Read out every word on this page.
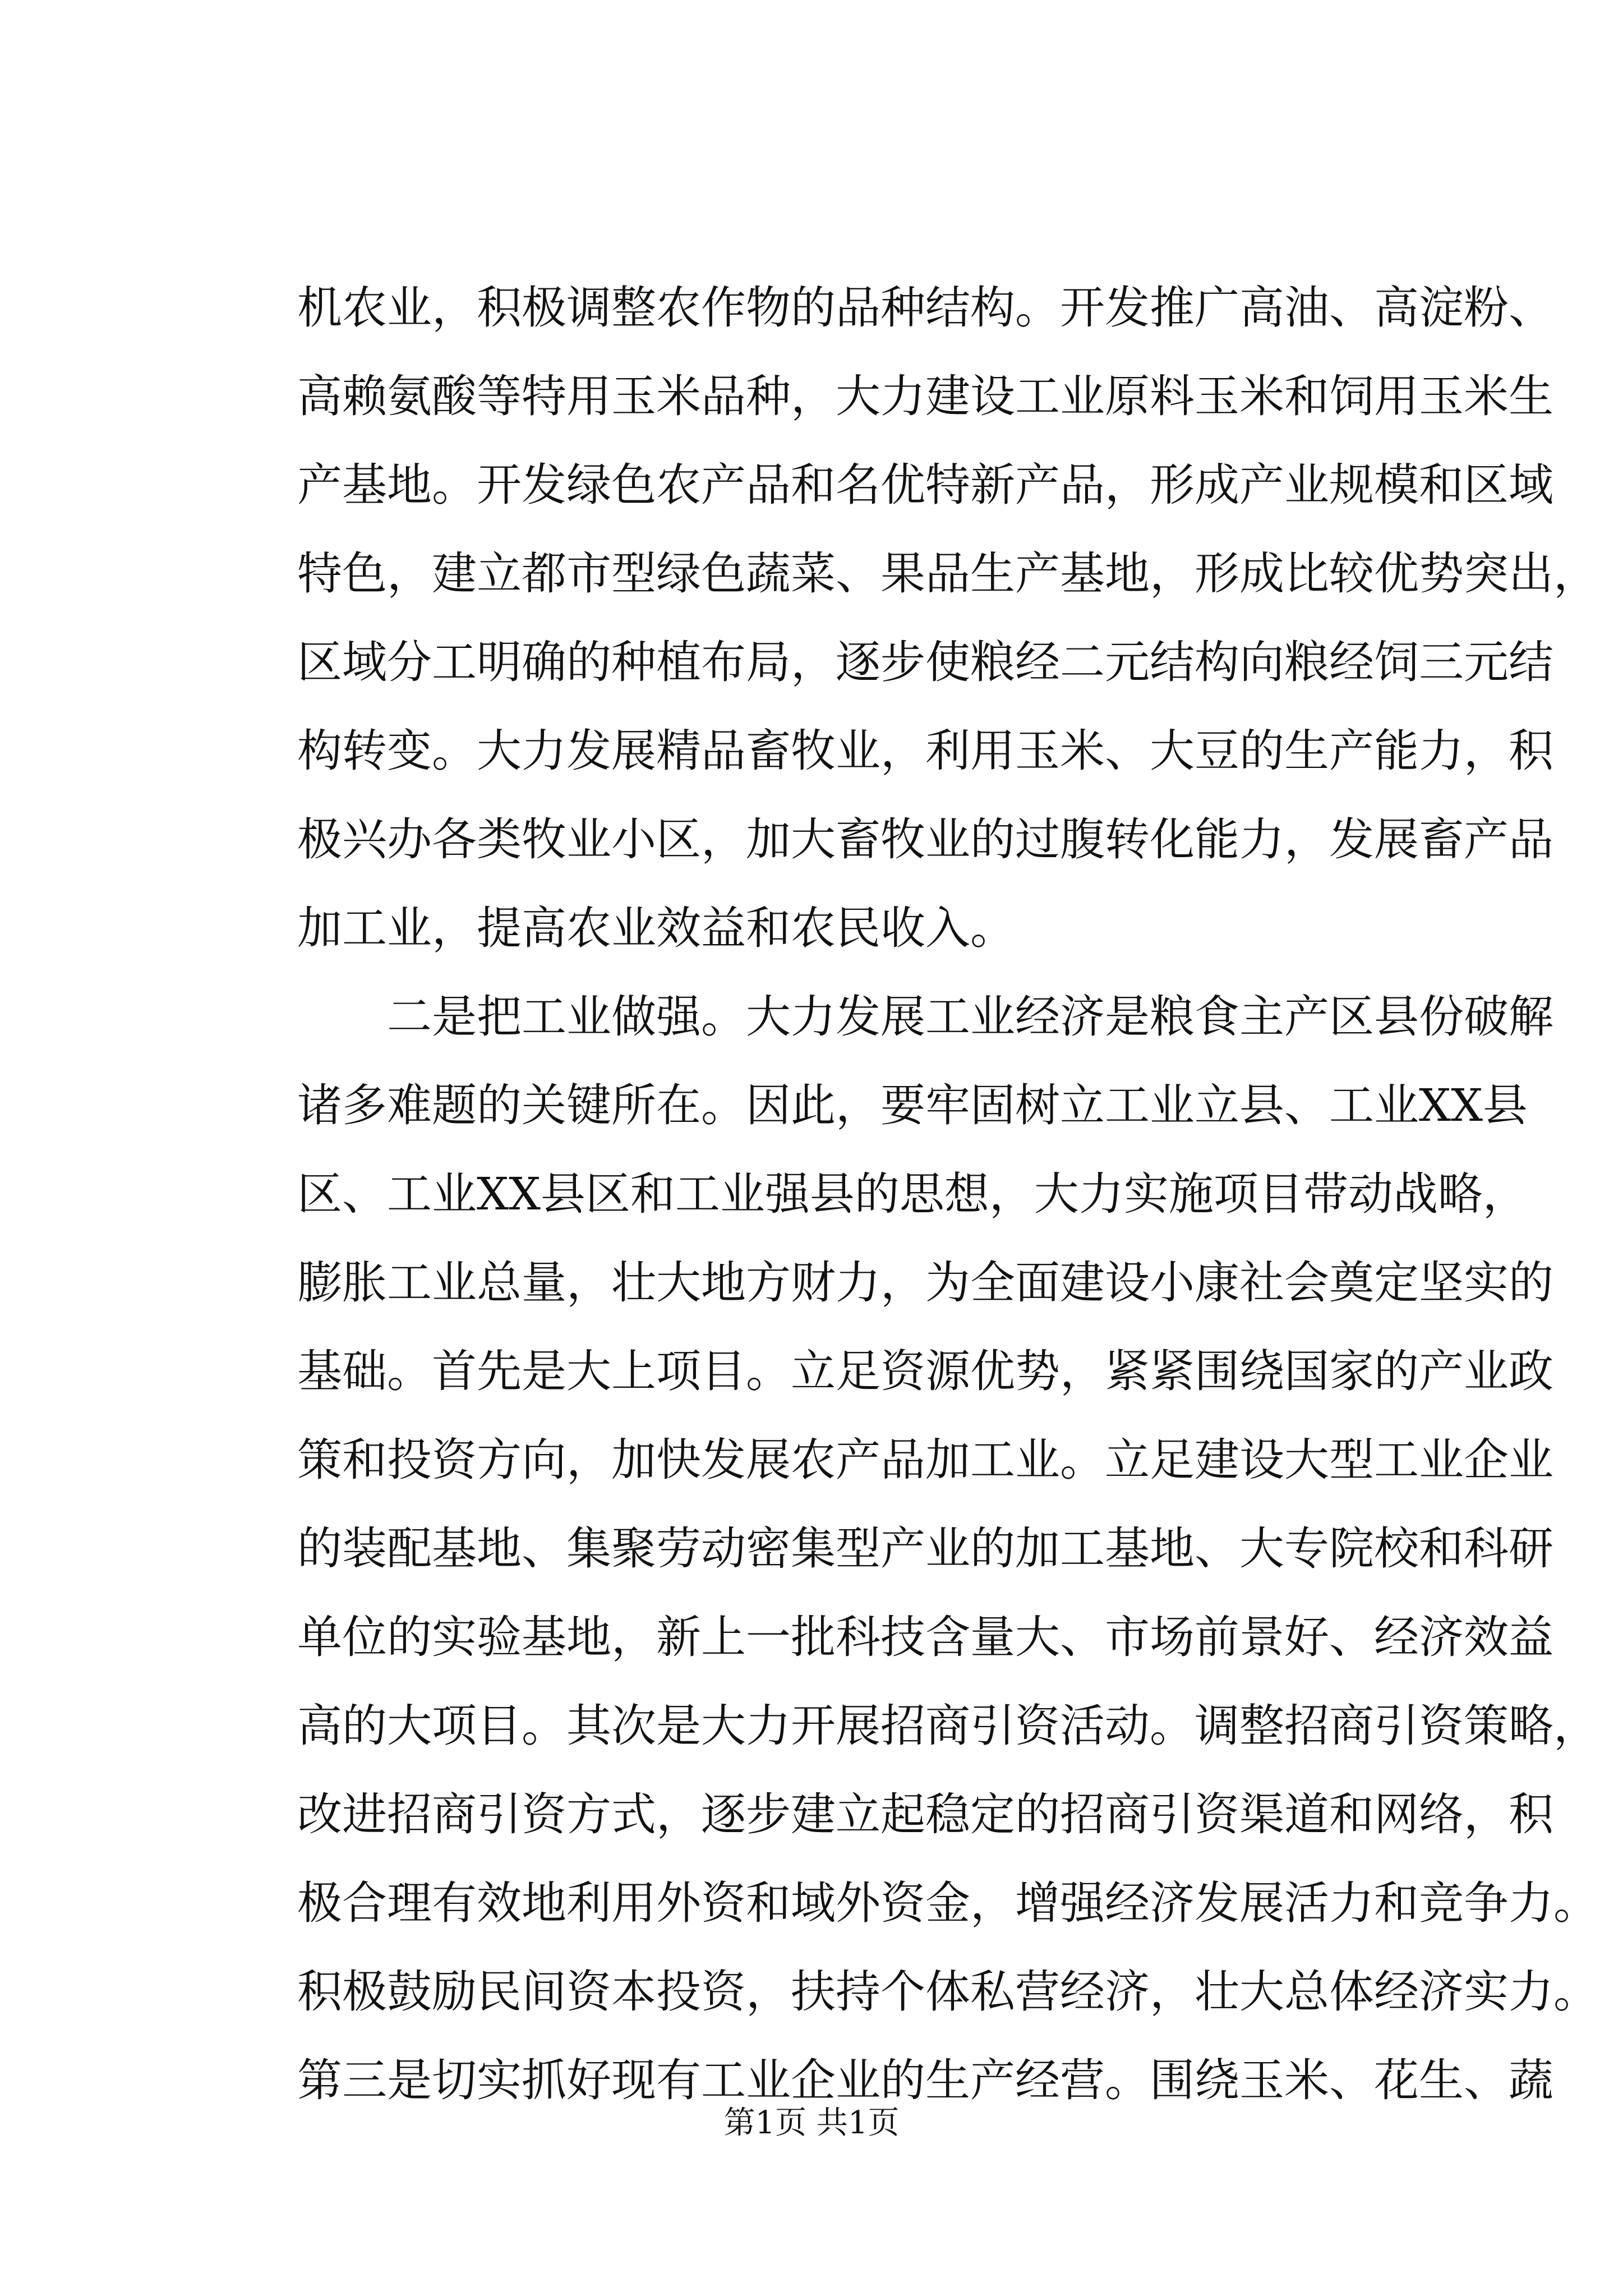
机农业，积极调整农作物的品种结构。开发推广高油、高淀粉、
高赖氨酸等特用玉米品种，大力建设工业原料玉米和饲用玉米生
产基地。开发绿色农产品和名优特新产品，形成产业规模和区域
特色，建立都市型绿色蔬菜、果品生产基地，形成比较优势突出，
区域分工明确的种植布局，逐步使粮经二元结构向粮经饲三元结
构转变。大力发展精品畜牧业，利用玉米、大豆的生产能力，积
极兴办各类牧业小区，加大畜牧业的过腹转化能力，发展畜产品
加工业，提高农业效益和农民收入。
二是把工业做强。大力发展工业经济是粮食主产区县份破解
诸多难题的关键所在。因此，要牢固树立工业立县、工业XX县
区、工业XX县区和工业强县的思想，大力实施项目带动战略，
膨胀工业总量，壮大地方财力，为全面建设小康社会奠定坚实的
基础。首先是大上项目。立足资源优势，紧紧围绕国家的产业政
策和投资方向，加快发展农产品加工业。立足建设大型工业企业
的装配基地、集聚劳动密集型产业的加工基地、大专院校和科研
单位的实验基地，新上一批科技含量大、市场前景好、经济效益
高的大项目。其次是大力开展招商引资活动。调整招商引资策略，
改进招商引资方式，逐步建立起稳定的招商引资渠道和网络，积
极合理有效地利用外资和域外资金，增强经济发展活力和竞争力。
积极鼓励民间资本投资，扶持个体私营经济，壮大总体经济实力。
第三是切实抓好现有工业企业的生产经营。围绕玉米、花生、蔬
第1页 共1页
